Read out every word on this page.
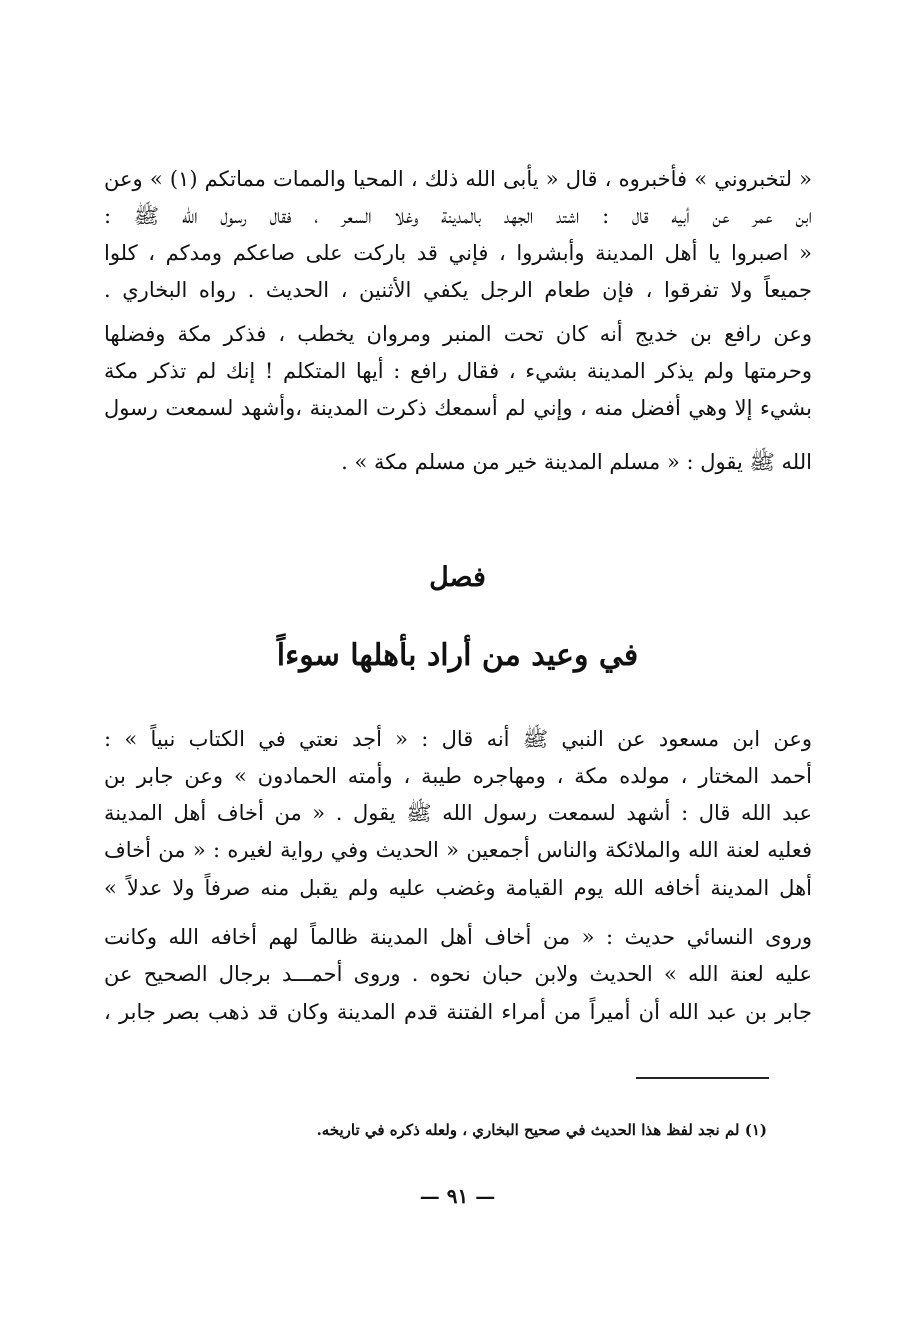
« لتخبروني » فأخبروه ، قال « يأبى الله ذلك ، المحيا والممات مماتكم (١) » وعن
ابن عمر عن أبيه قال : اشتد الجهد بالمدينة وغلا السعر ، فقال رسول الله ﷺ :
« اصبروا يا أهل المدينة وأبشروا ، فإني قد باركت على صاعكم ومدكم ، كلوا
جميعاً ولا تفرقوا ، فإن طعام الرجل يكفي الأثنين ، الحديث . رواه البخاري .
وعن رافع بن خديج أنه كان تحت المنبر ومروان يخطب ، فذكر مكة وفضلها
وحرمتها ولم يذكر المدينة بشيء ، فقال رافع : أيها المتكلم ! إنك لم تذكر مكة
بشيء إلا وهي أفضل منه ، وإني لم أسمعك ذكرت المدينة ،وأشهد لسمعت رسول
الله ﷺ يقول : « مسلم المدينة خير من مسلم مكة » .
فصل
في وعيد من أراد بأهلها سوءاً
وعن ابن مسعود عن النبي ﷺ أنه قال : « أجد نعتي في الكتاب نبياً » :
أحمد المختار ، مولده مكة ، ومهاجره طيبة ، وأمته الحمادون » وعن جابر بن
عبد الله قال : أشهد لسمعت رسول الله ﷺ يقول . « من أخاف أهل المدينة
فعليه لعنة الله والملائكة والناس أجمعين « الحديث وفي رواية لغيره : « من أخاف
أهل المدينة أخافه الله يوم القيامة وغضب عليه ولم يقبل منه صرفاً ولا عدلاً »
وروى النسائي حديث : « من أخاف أهل المدينة ظالماً لهم أخافه الله وكانت
عليه لعنة الله » الحديث ولابن حبان نحوه . وروى أحمـــد برجال الصحيح عن
جابر بن عبد الله أن أميراً من أمراء الفتنة قدم المدينة وكان قد ذهب بصر جابر ،
(١) لم نجد لفظ هذا الحديث في صحيح البخاري ، ولعله ذكره في تاريخه.
— ٩١ —
